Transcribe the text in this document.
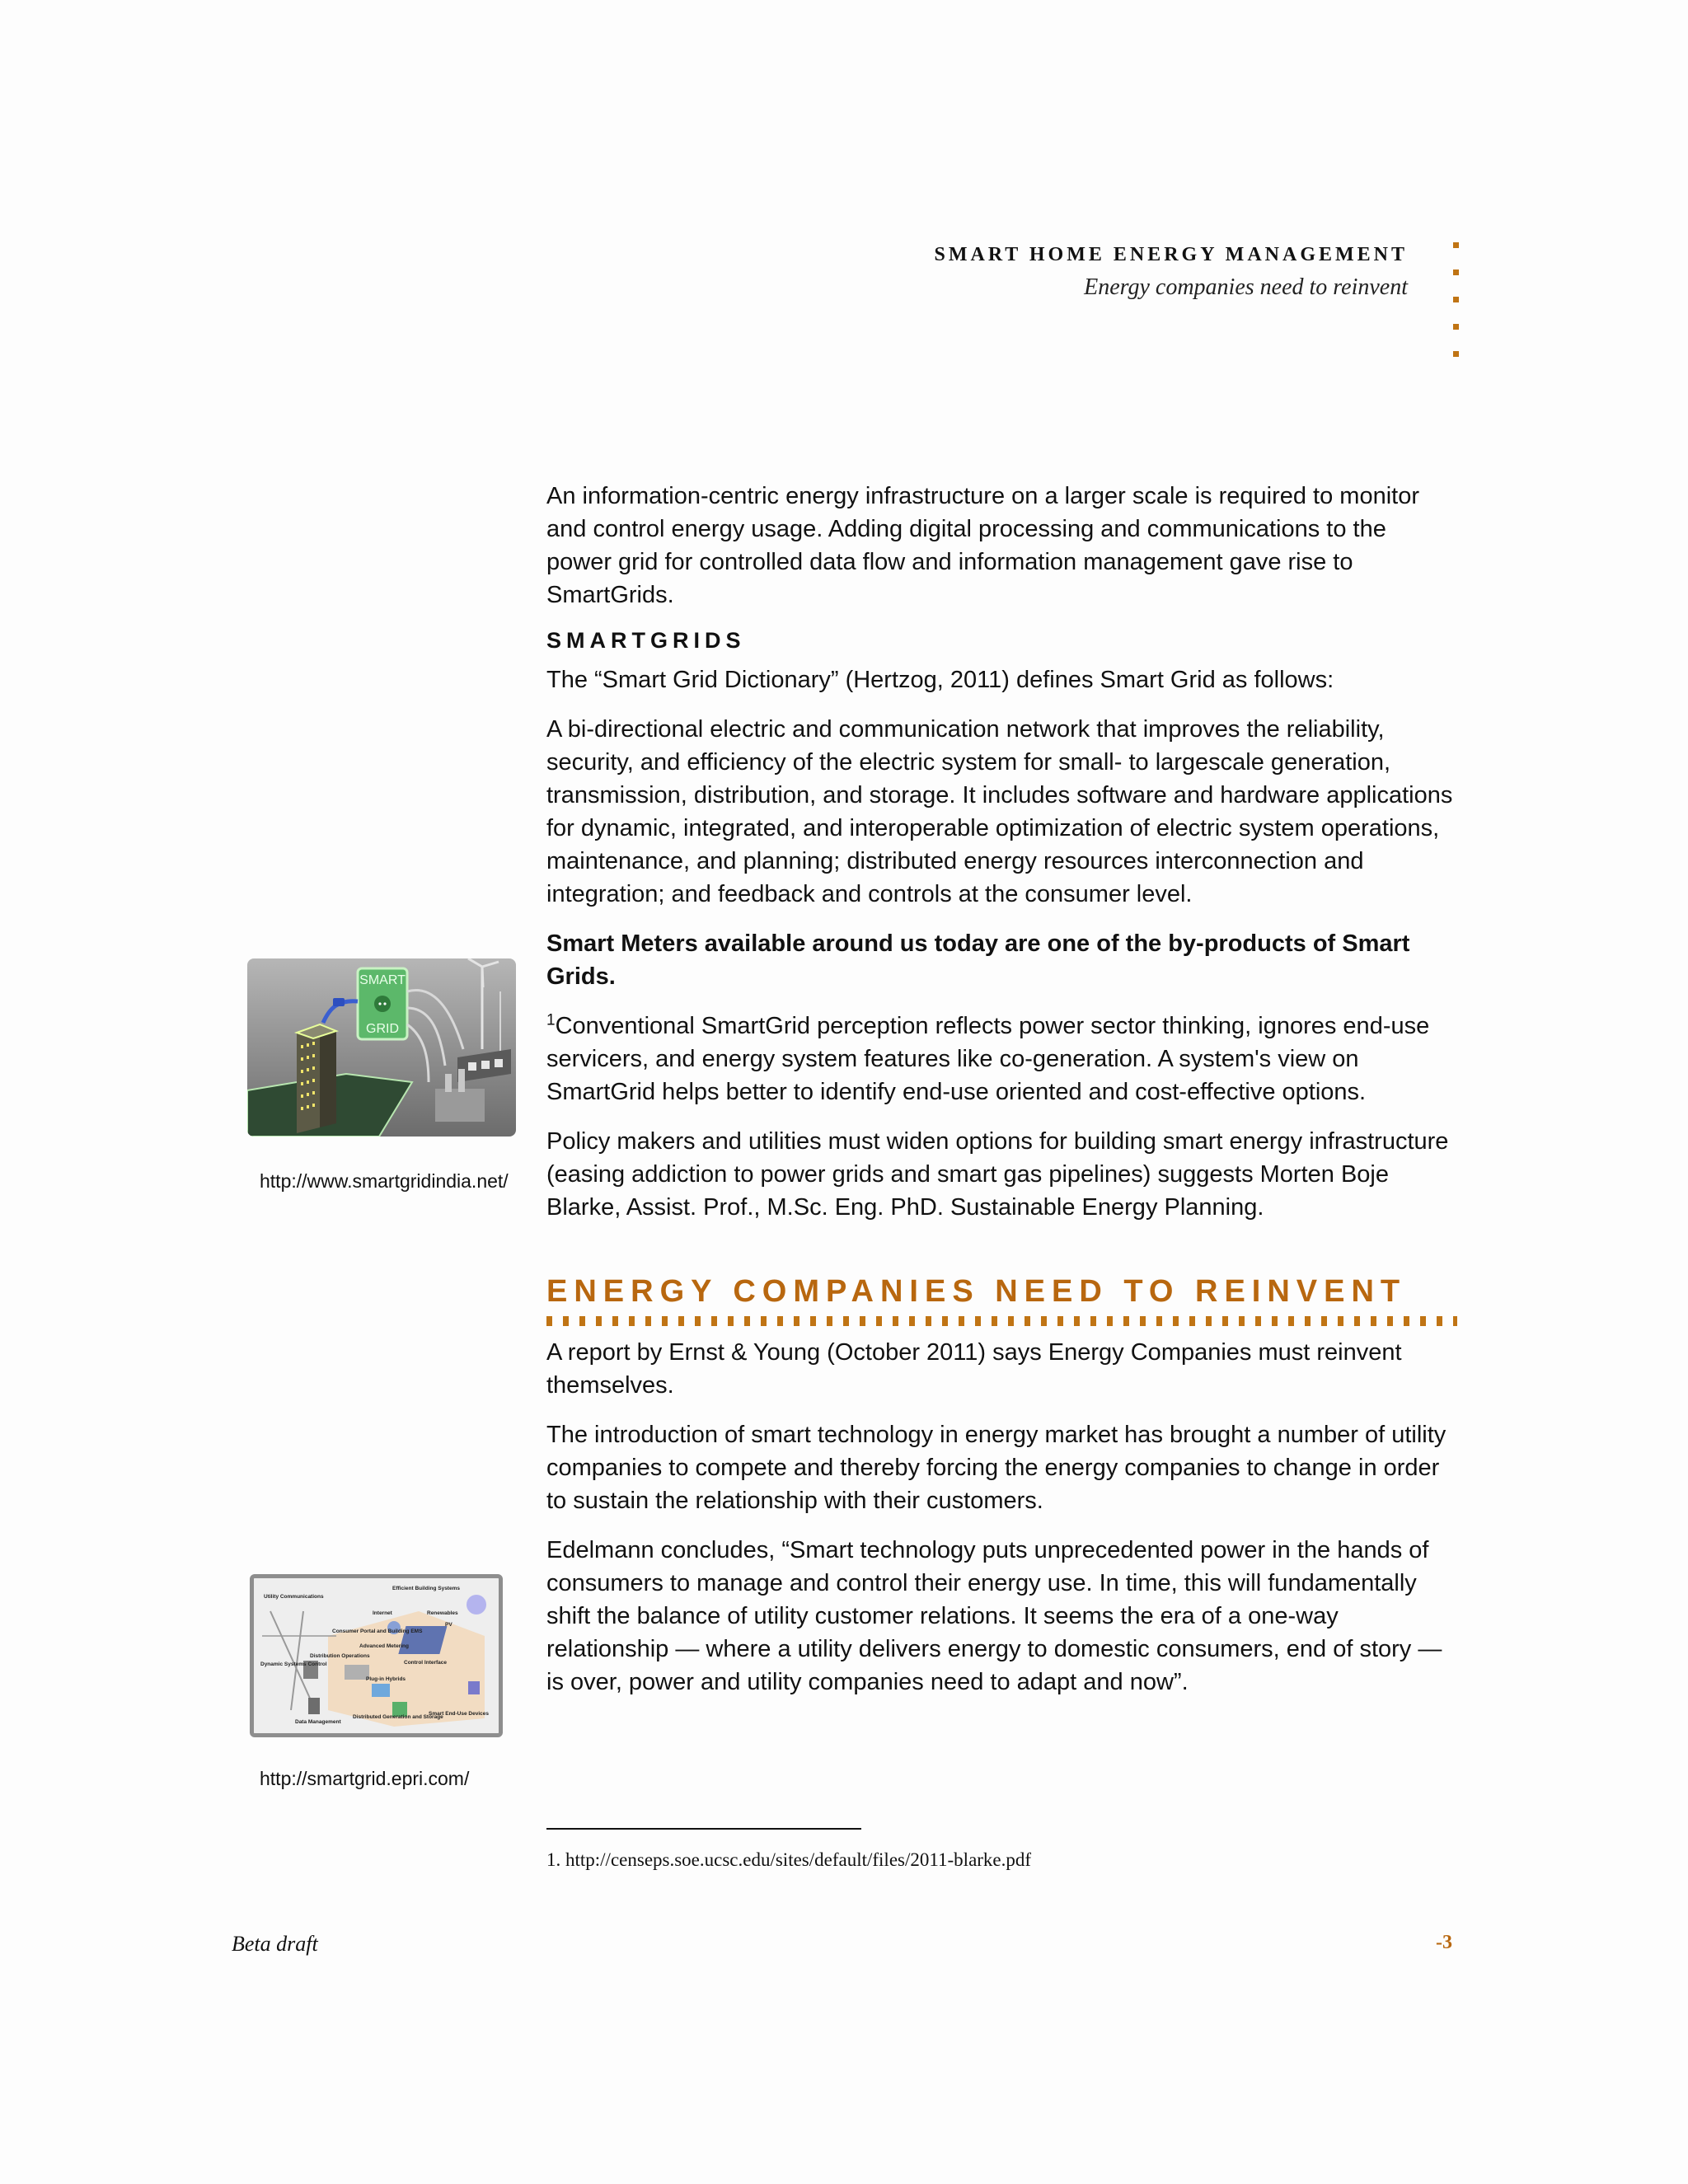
SMART HOME ENERGY MANAGEMENT
Energy companies need to reinvent

An information-centric energy infrastructure on a larger scale is required to monitor and control energy usage. Adding digital processing and communications to the power grid for controlled data flow and information management gave rise to SmartGrids.

SMARTGRIDS

The “Smart Grid Dictionary” (Hertzog, 2011) defines Smart Grid as follows:

A bi-directional electric and communication network that improves the reliability, security, and efficiency of the electric system for small- to largescale generation, transmission, distribution, and storage. It includes software and hardware applications for dynamic, integrated, and interoperable optimization of electric system operations, maintenance, and planning; distributed energy resources interconnection and integration; and feedback and controls at the consumer level.

Smart Meters available around us today are one of the by-products of Smart Grids.

$^1$Conventional SmartGrid perception reflects power sector thinking, ignores end-use servicers, and energy system features like co-generation. A system's view on SmartGrid helps better to identify end-use oriented and cost-effective options.

Policy makers and utilities must widen options for building smart energy infrastructure (easing addiction to power grids and smart gas pipelines) suggests Morten Boje Blarke, Assist. Prof., M.Sc. Eng. PhD. Sustainable Energy Planning.

ENERGY COMPANIES NEED TO REINVENT

A report by Ernst & Young (October 2011) says Energy Companies must reinvent themselves.

The introduction of smart technology in energy market has brought a number of utility companies to compete and thereby forcing the energy companies to change in order to sustain the relationship with their customers.

Edelmann concludes, “Smart technology puts unprecedented power in the hands of consumers to manage and control their energy use. In time, this will fundamentally shift the balance of utility customer relations. It seems the era of a one-way relationship — where a utility delivers energy to domestic consumers, end of story — is over, power and utility companies need to adapt and now”.

SMART
GRID
http://www.smartgridindia.net/
Utility Communications
Efficient Building Systems
Internet	Renewables
Consumer Portal and Building EMS
PV
Advanced Metering
Dynamic Systems Control
Distribution Operations
Control Interface
Plug-in Hybrids
Data Management
Distributed Generation and Storage
Smart End-Use Devices
http://smartgrid.epri.com/
1. http://censeps.soe.ucsc.edu/sites/default/files/2011-blarke.pdf
Beta draft	-3
